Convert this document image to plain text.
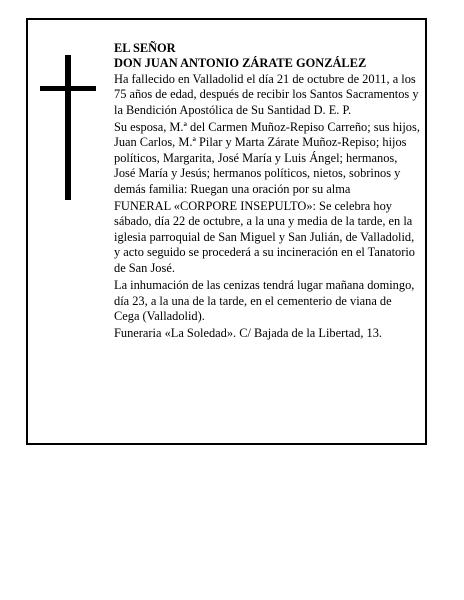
EL SEÑOR

DON JUAN ANTONIO ZÁRATE GONZÁLEZ

Ha fallecido en Valladolid el día 21 de octubre de 2011, a los 75 años de edad, después de recibir los Santos Sacramentos y la Bendición Apostólica de Su Santidad D. E. P.

Su esposa, M.ª del Carmen Muñoz-Repiso Carreño; sus hijos, Juan Carlos, M.ª Pilar y Marta Zárate Muñoz-Repiso; hijos políticos, Margarita, José María y Luis Ángel; hermanos, José María y Jesús; hermanos políticos, nietos, sobrinos y demás familia: Ruegan una oración por su alma

FUNERAL «CORPORE INSEPULTO»: Se celebra hoy sábado, día 22 de octubre, a la una y media de la tarde, en la iglesia parroquial de San Miguel y San Julián, de Valladolid, y acto seguido se procederá a su incineración en el Tanatorio de San José.

La inhumación de las cenizas tendrá lugar mañana domingo, día 23, a la una de la tarde, en el cementerio de viana de Cega (Valladolid).

Funeraria «La Soledad». C/ Bajada de la Libertad, 13.
